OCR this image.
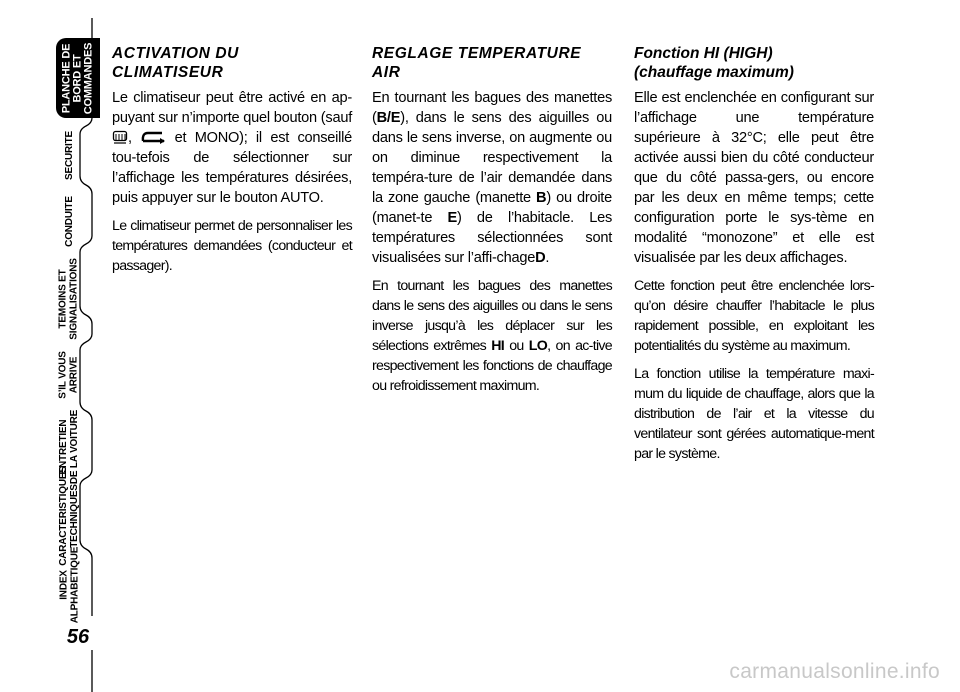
PLANCHE DE
BORD ET
COMMANDES
SECURITE
CONDUITE
TEMOINS ET
SIGNALISATIONS
S’IL VOUS
ARRIVE
ENTRETIEN
DE LA VOITURE
CARACTERISTIQUES
TECHNIQUES
INDEX
ALPHABETIQUE
56
ACTIVATION DU
CLIMATISEUR

Le climatiseur peut être activé en ap-puyant sur n’importe quel bouton (sauf ,  et MONO); il est conseillé tou-tefois de sélectionner sur l’affichage les températures désirées, puis appuyer sur le bouton AUTO.

Le climatiseur permet de personnaliser les températures demandées (conducteur et passager).

REGLAGE TEMPERATURE
AIR

En tournant les bagues des manettes (B/E), dans le sens des aiguilles ou dans le sens inverse, on augmente ou on diminue respectivement la tempéra-ture de l’air demandée dans la zone gauche (manette B) ou droite (manet-te E) de l’habitacle. Les températures sélectionnées sont visualisées sur l’affi-chageD.

En tournant les bagues des manettes dans le sens des aiguilles ou dans le sens inverse jusqu’à les déplacer sur les sélections extrêmes HI ou LO, on ac-tive respectivement les fonctions de chauffage ou refroidissement maximum.

Fonction HI (HIGH)
(chauffage maximum)

Elle est enclenchée en configurant sur l’affichage une température supérieure à 32°C; elle peut être activée aussi bien du côté conducteur que du côté passa-gers, ou encore par les deux en même temps; cette configuration porte le sys-tème en modalité “monozone” et elle est visualisée par les deux affichages.

Cette fonction peut être enclenchée lors-qu’on désire chauffer l’habitacle le plus rapidement possible, en exploitant les potentialités du système au maximum.

La fonction utilise la température maxi-mum du liquide de chauffage, alors que la distribution de l’air et la vitesse du ventilateur sont gérées automatique-ment par le système.

carmanualsonline.info
